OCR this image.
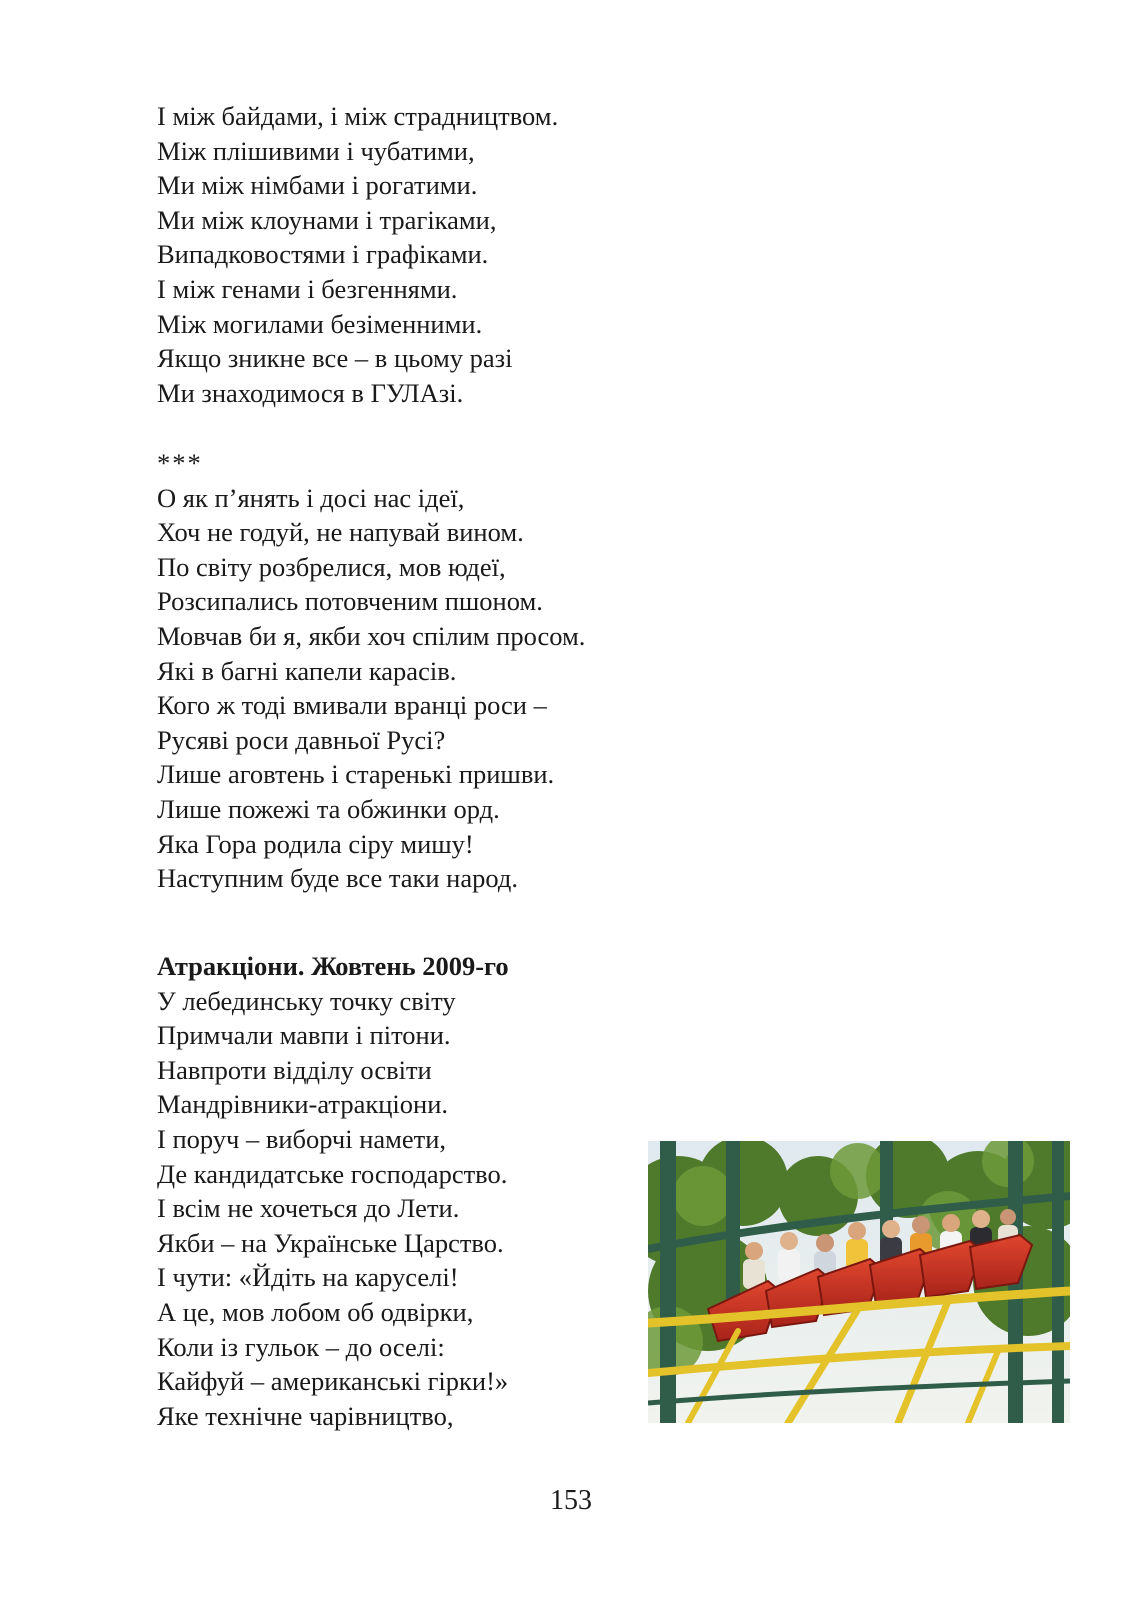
І між байдами, і між страдництвом.
Між плішивими і чубатими,
Ми між німбами і рогатими.
Ми між клоунами і трагіками,
Випадковостями і графіками.
І між генами і безгеннями.
Між могилами безіменними.
Якщо зникне все – в цьому разі
Ми знаходимося в ГУЛАзі.
***
О як п’янять і досі нас ідеї,
Хоч не годуй, не напувай вином.
По світу розбрелися, мов юдеї,
Розсипались потовченим пшоном.
Мовчав би я, якби хоч спілим просом.
Які в багні капели карасів.
Кого ж тоді вмивали вранці роси –
Русяві роси давньої Русі?
Лише аговтень і старенькі пришви.
Лише пожежі та обжинки орд.
Яка Гора родила сіру мишу!
Наступним буде все таки народ.
Атракціони. Жовтень 2009-го
У лебединську точку світу
Примчали мавпи і пітони.
Навпроти відділу освіти
Мандрівники-атракціони.
І поруч – виборчі намети,
Де кандидатське господарство.
І всім не хочеться до Лети.
Якби – на Українське Царство.
І чути: «Йдіть на каруселі!
А це, мов лобом об одвірки,
Коли із гульок – до оселі:
Кайфуй – американські гірки!»
Яке технічне чарівництво,
153
